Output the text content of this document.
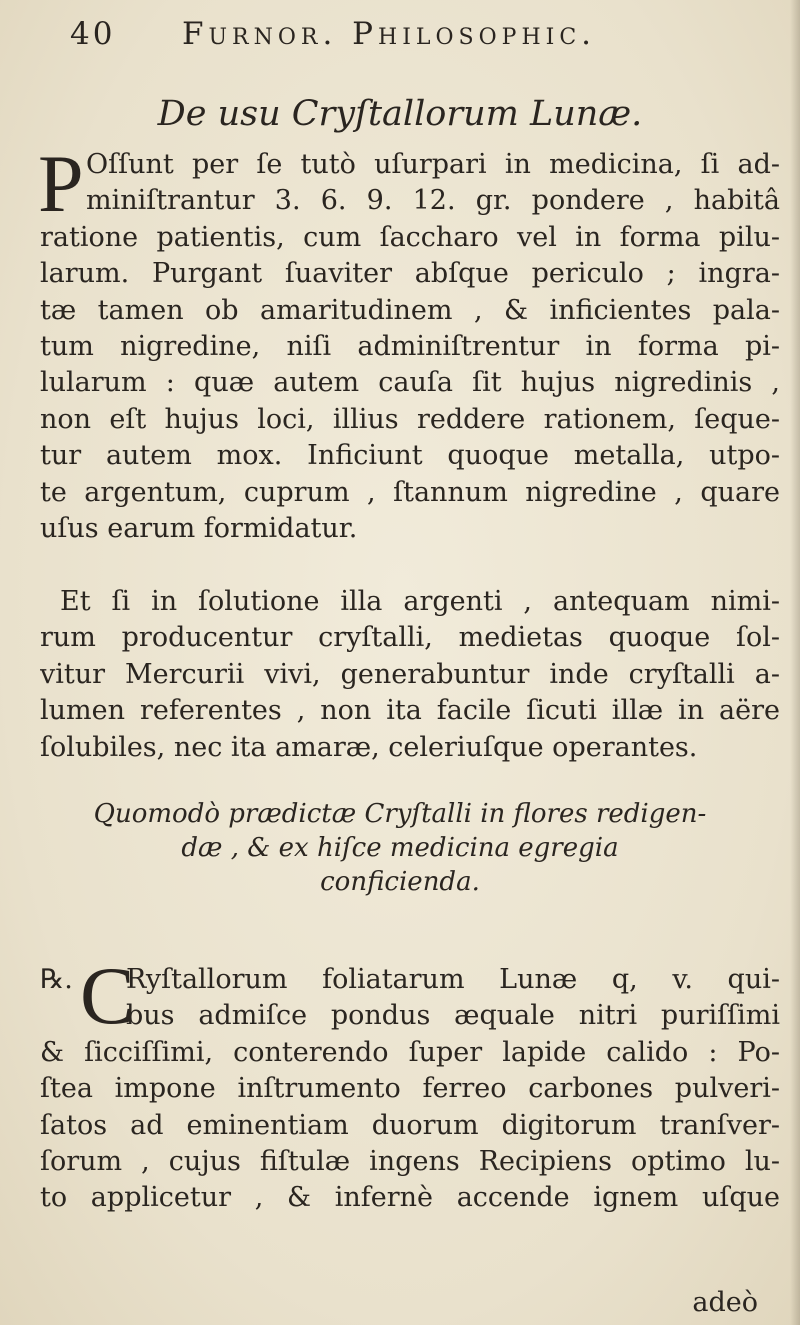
40 Furnor. Philosophic.
De usu Cryſtallorum Lunæ.
P Oſſunt per ſe tutò uſurpari in medicina, ſi ad-
miniſtrantur 3. 6. 9. 12. gr. pondere , habitâ
ratione patientis, cum ſaccharo vel in forma pilu-
larum. Purgant ſuaviter abſque periculo ; ingra-
tæ tamen ob amaritudinem , & inficientes pala-
tum nigredine, niſi adminiſtrentur in forma pi-
lularum : quæ autem cauſa ſit hujus nigredinis ,
non eſt hujus loci, illius reddere rationem, ſeque-
tur autem mox. Inficiunt quoque metalla, utpo-
te argentum, cuprum , ſtannum nigredine , quare
uſus earum formidatur.
Et ſi in ſolutione illa argenti , antequam nimi-
rum producentur cryſtalli, medietas quoque ſol-
vitur Mercurii vivi, generabuntur inde cryſtalli a-
lumen referentes , non ita facile ſicuti illæ in aëre
ſolubiles, nec ita amaræ, celeriuſque operantes.
Quomodò prædictæ Cryſtalli in flores redigen-
dæ , & ex hiſce medicina egregia
conficienda.
℞. C
Ryſtallorum foliatarum Lunæ q, v. qui-
bus admiſce pondus æquale nitri puriſſimi
& ſicciſſimi, conterendo ſuper lapide calido : Po-
ſtea impone inſtrumento ferreo carbones pulveri-
ſatos ad eminentiam duorum digitorum tranſver-
ſorum , cujus fiſtulæ ingens Recipiens optimo lu-
to applicetur , & infernè accende ignem uſque
adeò
